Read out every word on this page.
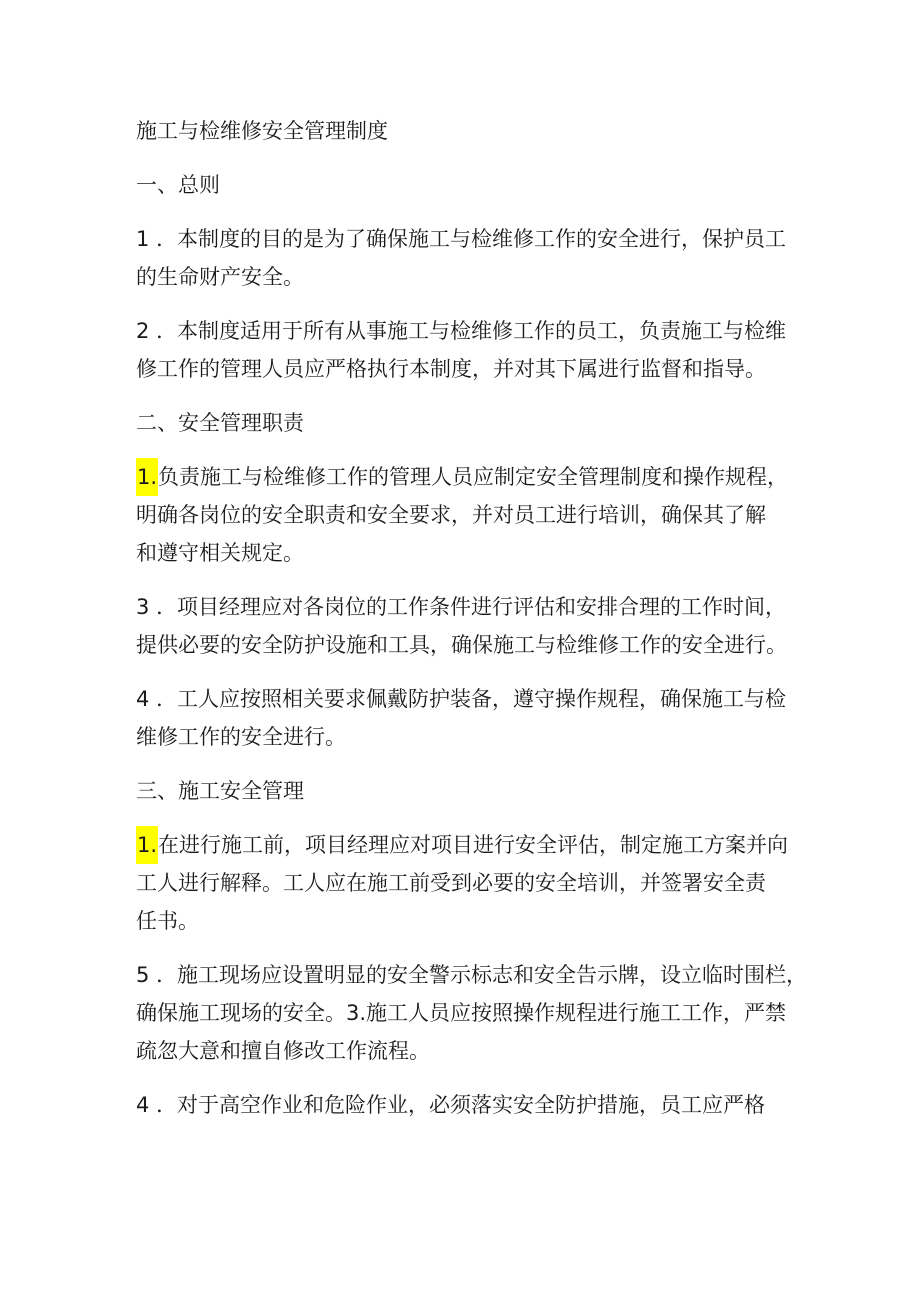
施工与检维修安全管理制度
一、总则
1 ．本制度的目的是为了确保施工与检维修工作的安全进行，保护员工
的生命财产安全。
2 ．本制度适用于所有从事施工与检维修工作的员工，负责施工与检维
修工作的管理人员应严格执行本制度，并对其下属进行监督和指导。
二、安全管理职责
1.负责施工与检维修工作的管理人员应制定安全管理制度和操作规程，
明确各岗位的安全职责和安全要求，并对员工进行培训，确保其了解
和遵守相关规定。
3 ．项目经理应对各岗位的工作条件进行评估和安排合理的工作时间，
提供必要的安全防护设施和工具，确保施工与检维修工作的安全进行。
4 ．工人应按照相关要求佩戴防护装备，遵守操作规程，确保施工与检
维修工作的安全进行。
三、施工安全管理
1.在进行施工前，项目经理应对项目进行安全评估，制定施工方案并向
工人进行解释。工人应在施工前受到必要的安全培训，并签署安全责
任书。
5 ．施工现场应设置明显的安全警示标志和安全告示牌，设立临时围栏，
确保施工现场的安全。3.施工人员应按照操作规程进行施工工作，严禁
疏忽大意和擅自修改工作流程。
4 ．对于高空作业和危险作业，必须落实安全防护措施，员工应严格
